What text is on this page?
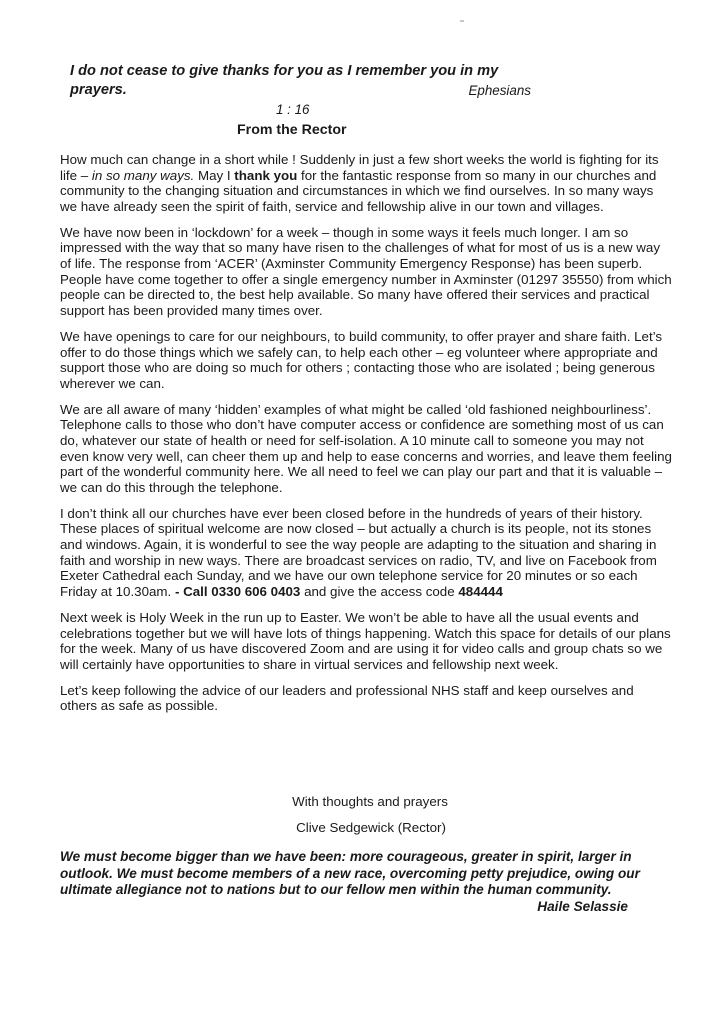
I do not cease to give thanks for you as I remember you in my prayers.	Ephesians
1 : 16
From the Rector

How much can change in a short while ! Suddenly in just a few short weeks the world is fighting for its life – in so many ways. May I thank you for the fantastic response from so many in our churches and community to the changing situation and circumstances in which we find ourselves. In so many ways we have already seen the spirit of faith, service and fellowship alive in our town and villages.

We have now been in ‘lockdown’ for a week – though in some ways it feels much longer. I am so impressed with the way that so many have risen to the challenges of what for most of us is a new way of life. The response from ‘ACER’ (Axminster Community Emergency Response) has been superb. People have come together to offer a single emergency number in Axminster (01297 35550) from which people can be directed to, the best help available. So many have offered their services and practical support has been provided many times over.

We have openings to care for our neighbours, to build community, to offer prayer and share faith. Let’s offer to do those things which we safely can, to help each other – eg volunteer where appropriate and support those who are doing so much for others ; contacting those who are isolated ; being generous wherever we can.

We are all aware of many ‘hidden’ examples of what might be called ‘old fashioned neighbourliness’. Telephone calls to those who don’t have computer access or confidence are something most of us can do, whatever our state of health or need for self-isolation. A 10 minute call to someone you may not even know very well, can cheer them up and help to ease concerns and worries, and leave them feeling part of the wonderful community here. We all need to feel we can play our part and that it is valuable –we can do this through the telephone.

I don’t think all our churches have ever been closed before in the hundreds of years of their history. These places of spiritual welcome are now closed – but actually a church is its people, not its stones and windows. Again, it is wonderful to see the way people are adapting to the situation and sharing in faith and worship in new ways. There are broadcast services on radio, TV, and live on Facebook from Exeter Cathedral each Sunday, and we have our own telephone service for 20 minutes or so each Friday at 10.30am. - Call 0330 606 0403 and give the access code 484444

Next week is Holy Week in the run up to Easter. We won’t be able to have all the usual events and celebrations together but we will have lots of things happening. Watch this space for details of our plans for the week. Many of us have discovered Zoom and are using it for video calls and group chats so we will certainly have opportunities to share in virtual services and fellowship next week.

Let’s keep following the advice of our leaders and professional NHS staff and keep ourselves and others as safe as possible.

With thoughts and prayers
Clive Sedgewick (Rector)
We must become bigger than we have been: more courageous, greater in spirit, larger in outlook. We must become members of a new race, overcoming petty prejudice, owing our ultimate allegiance not to nations but to our fellow men within the human community.
Haile Selassie
